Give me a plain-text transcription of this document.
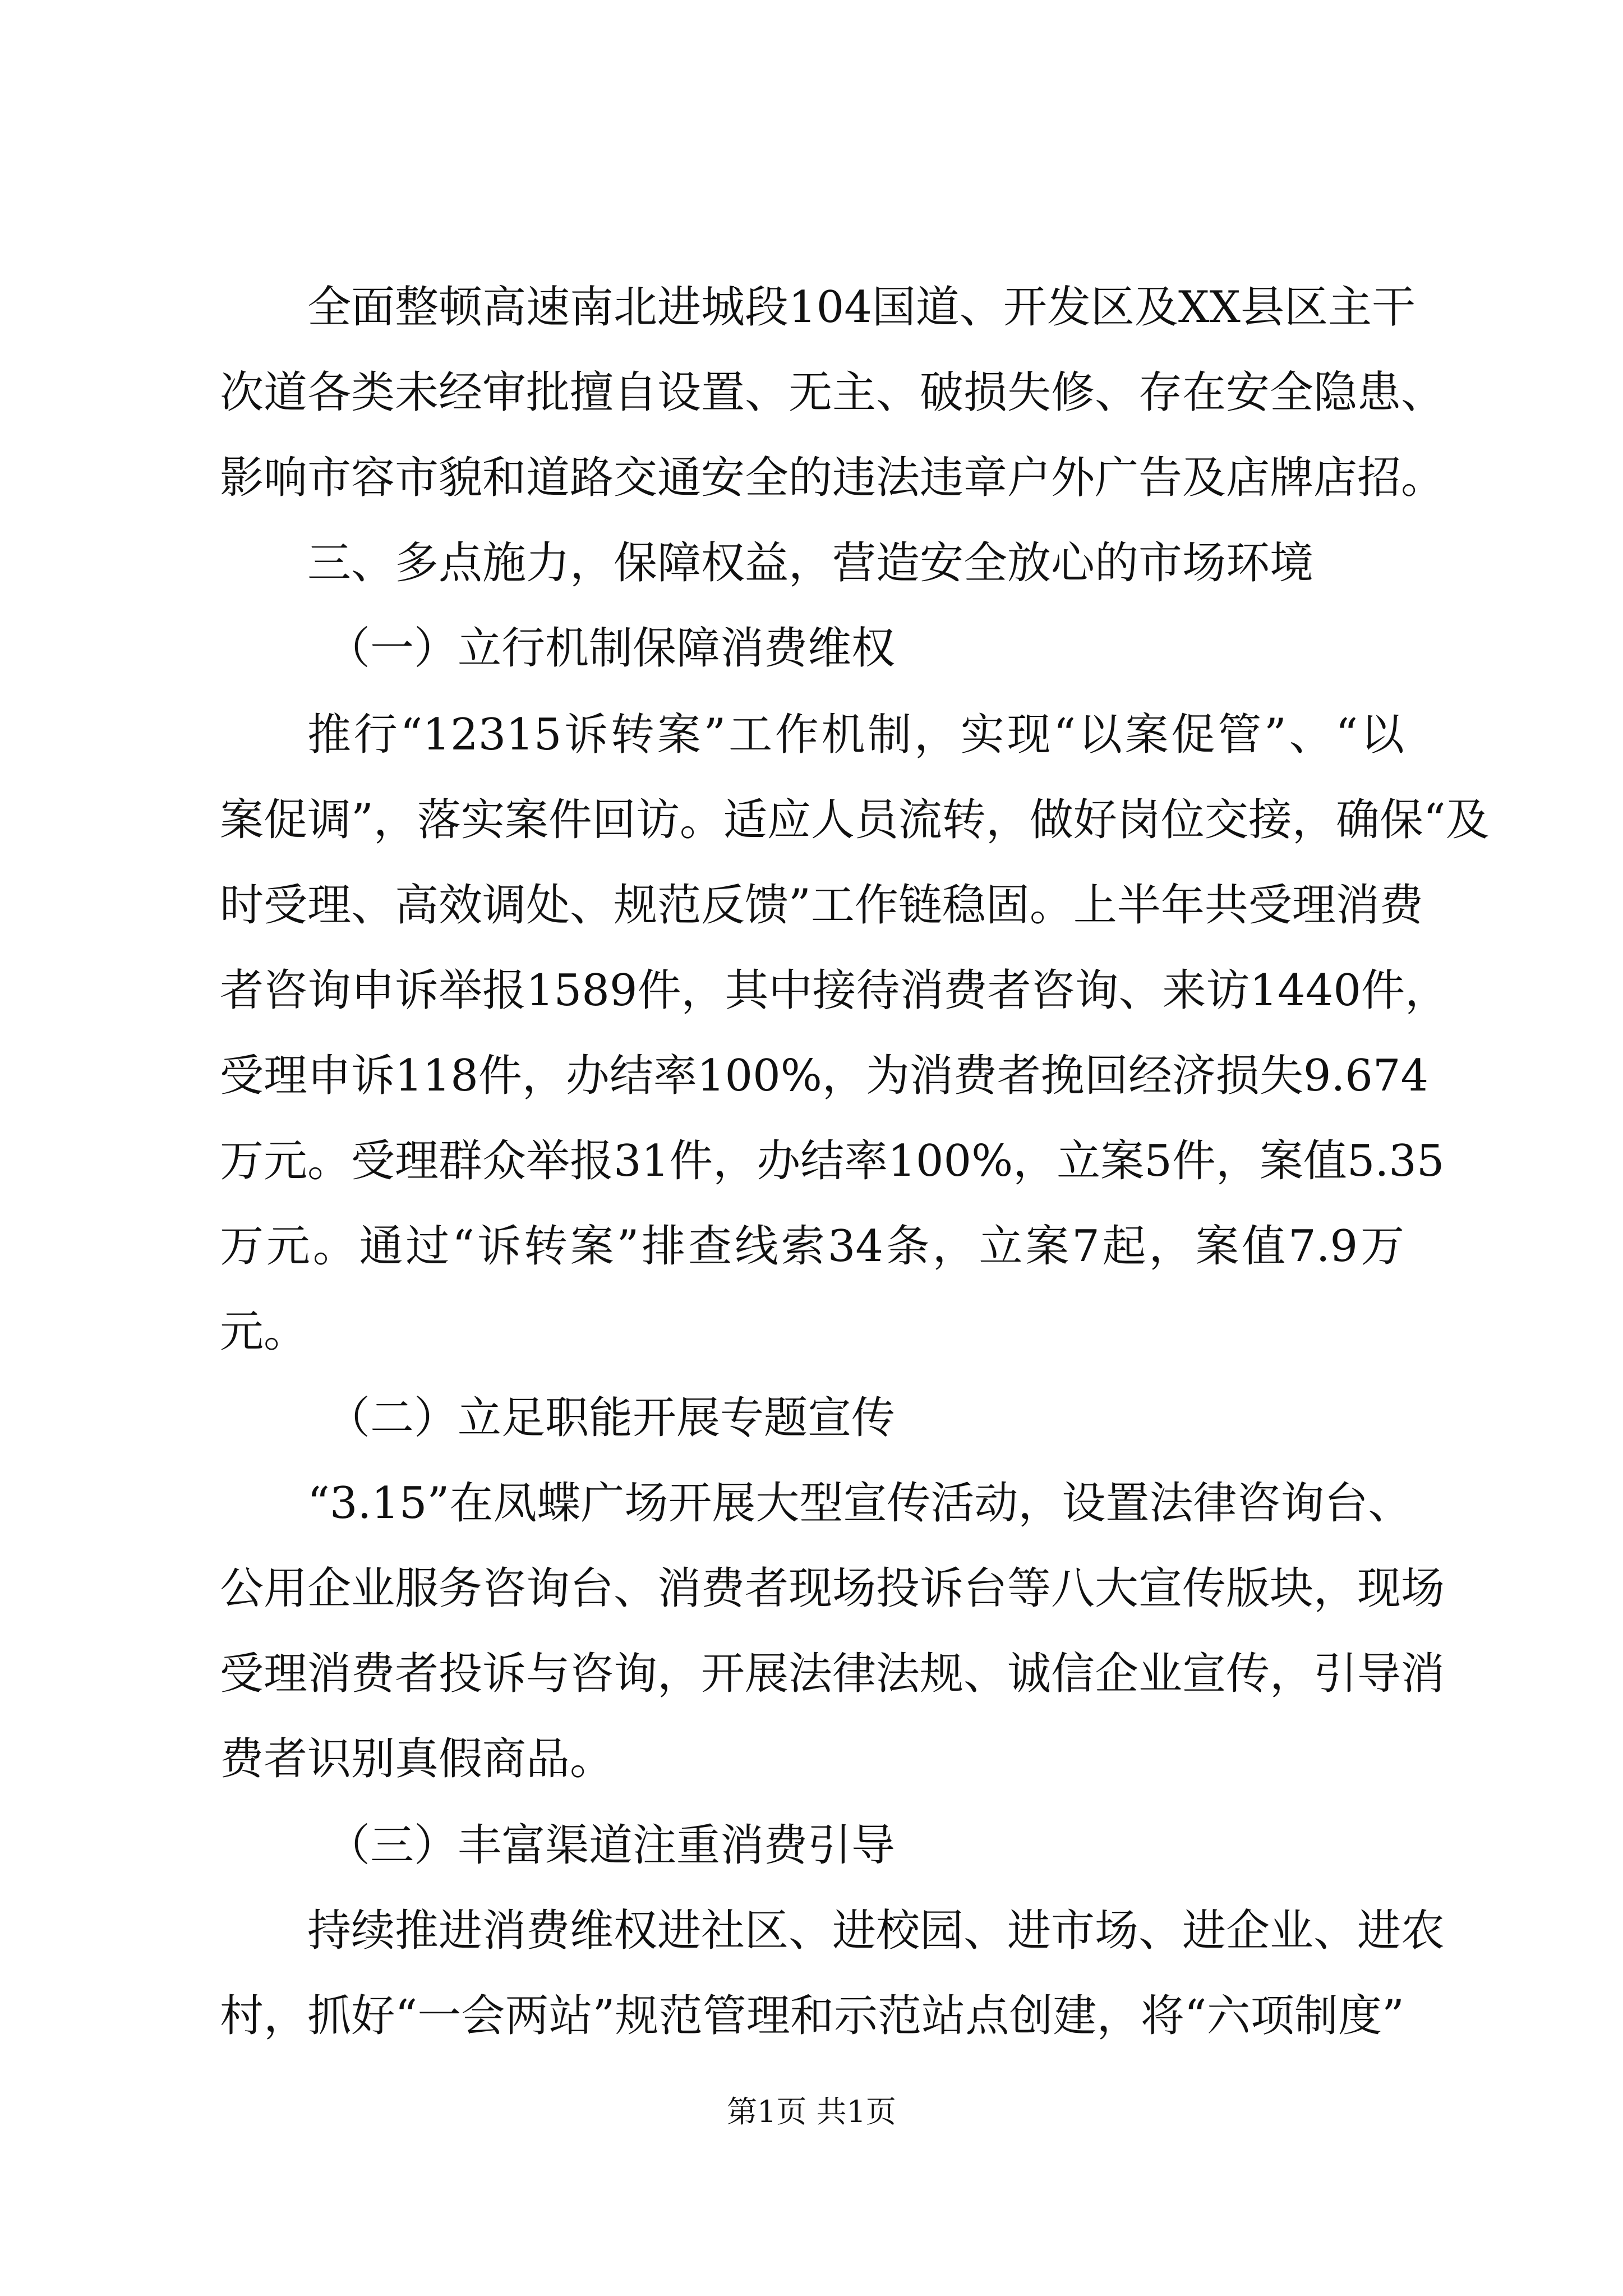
全面整顿高速南北进城段104国道、开发区及XX县区主干
次道各类未经审批擅自设置、无主、破损失修、存在安全隐患、
影响市容市貌和道路交通安全的违法违章户外广告及店牌店招。
三、多点施力，保障权益，营造安全放心的市场环境
（一）立行机制保障消费维权
推行“12315诉转案”工作机制，实现“以案促管”、“以
案促调”，落实案件回访。适应人员流转，做好岗位交接，确保“及
时受理、高效调处、规范反馈”工作链稳固。上半年共受理消费
者咨询申诉举报1589件，其中接待消费者咨询、来访1440件，
受理申诉118件，办结率100%，为消费者挽回经济损失9.674
万元。受理群众举报31件，办结率100%，立案5件，案值5.35
万元。通过“诉转案”排查线索34条，立案7起，案值7.9万
元。
（二）立足职能开展专题宣传
“3.15”在凤蝶广场开展大型宣传活动，设置法律咨询台、
公用企业服务咨询台、消费者现场投诉台等八大宣传版块，现场
受理消费者投诉与咨询，开展法律法规、诚信企业宣传，引导消
费者识别真假商品。
（三）丰富渠道注重消费引导
持续推进消费维权进社区、进校园、进市场、进企业、进农
村，抓好“一会两站”规范管理和示范站点创建，将“六项制度”
第1页 共1页
